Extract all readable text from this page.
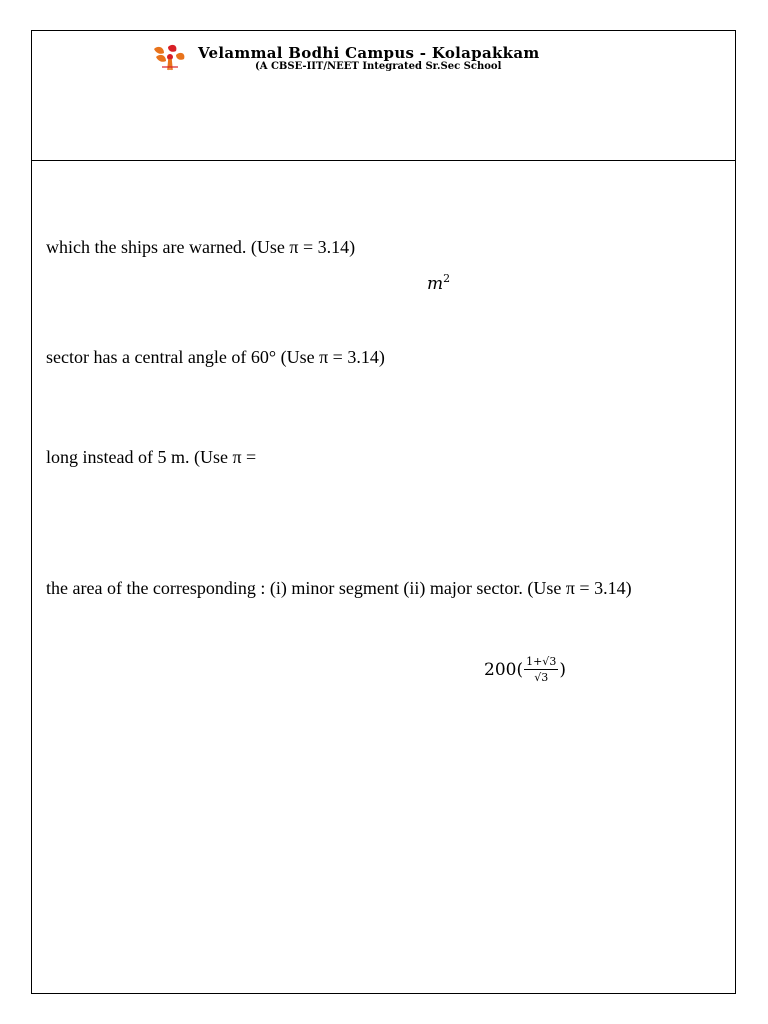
Velammal Bodhi Campus - Kolapakkam
(A CBSE-IIT/NEET Integrated Sr.Sec School
which the ships are warned. (Use π = 3.14)
$m^2$
sector has a central angle of 60° (Use π = 3.14)
long instead of 5 m. (Use π =
the area of the corresponding : (i) minor segment (ii) major sector. (Use π = 3.14)
$200( \frac{1+√3}{√3}$ )
